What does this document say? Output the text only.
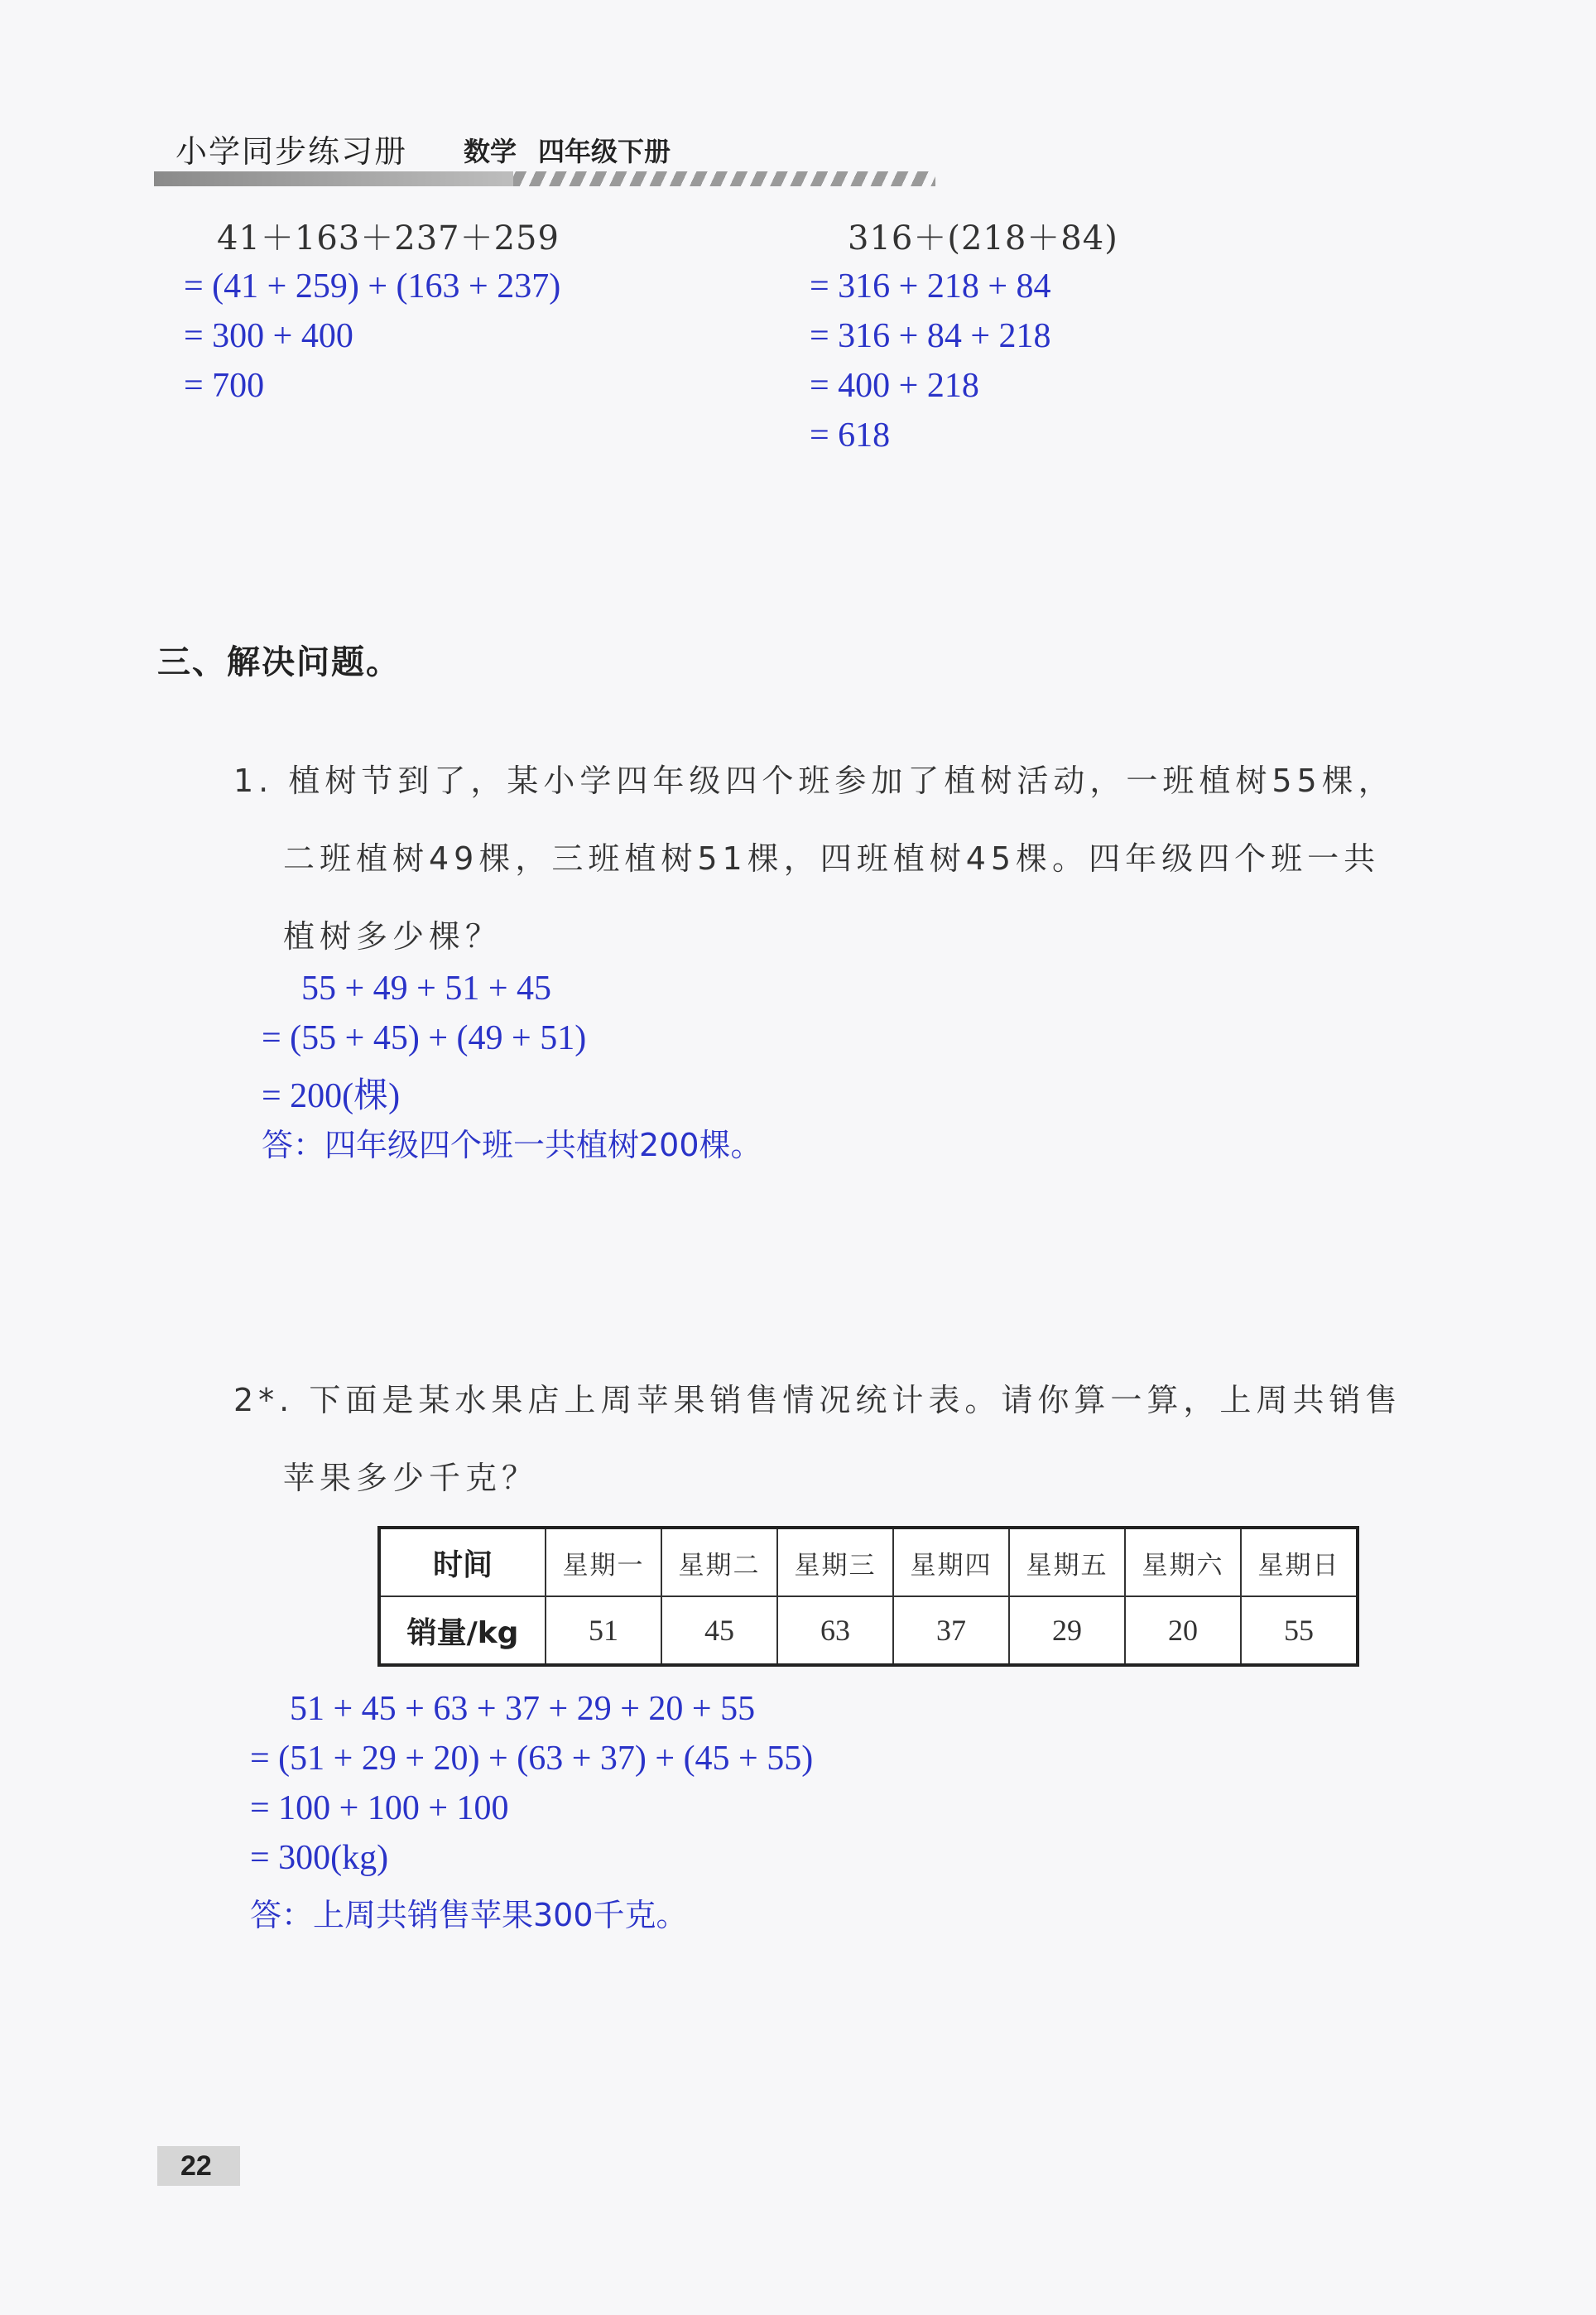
小学同步练习册 数学 四年级下册
41＋163＋237＋259
= (41 + 259) + (163 + 237)
= 300 + 400
= 700
316＋(218＋84)
= 316 + 218 + 84
= 316 + 84 + 218
= 400 + 218
= 618
三、解决问题。
1. 植树节到了，某小学四年级四个班参加了植树活动，一班植树55棵，
二班植树49棵，三班植树51棵，四班植树45棵。四年级四个班一共
植树多少棵？
55 + 49 + 51 + 45
= (55 + 45) + (49 + 51)
= 200(棵)
答：四年级四个班一共植树200棵。
2*. 下面是某水果店上周苹果销售情况统计表。请你算一算，上周共销售
苹果多少千克？
时间	星期一	星期二	星期三	星期四	星期五	星期六	星期日
销量/kg	51	45	63	37	29	20	55
51 + 45 + 63 + 37 + 29 + 20 + 55
= (51 + 29 + 20) + (63 + 37) + (45 + 55)
= 100 + 100 + 100
= 300(kg)
答：上周共销售苹果300千克。
22
